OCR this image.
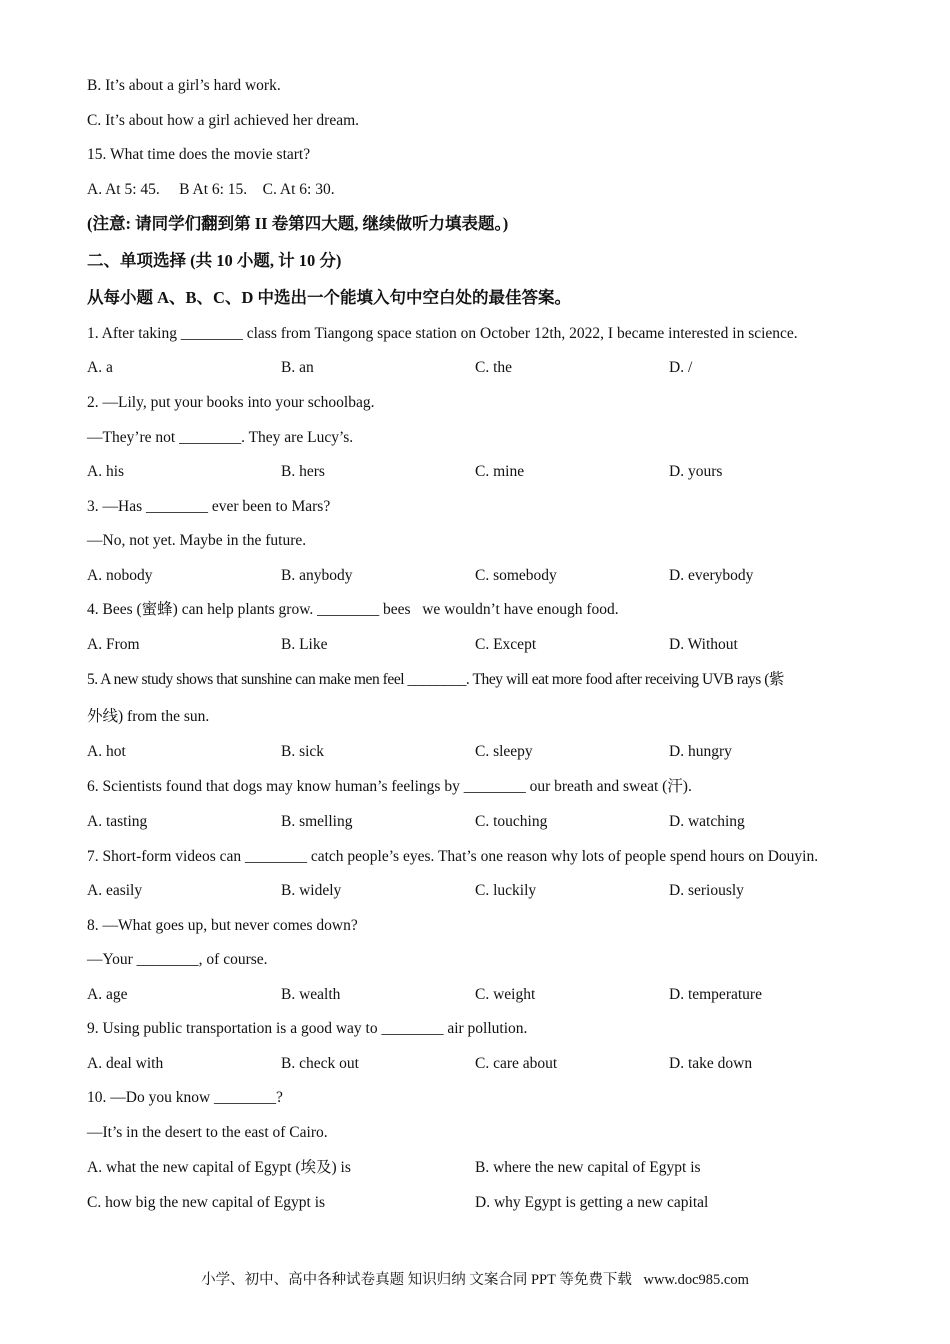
B. It’s about a girl’s hard work.
C. It’s about how a girl achieved her dream.
15. What time does the movie start?
A. At 5: 45.     B At 6: 15.    C. At 6: 30.
(注意: 请同学们翻到第 II 卷第四大题, 继续做听力填表题。)
二、单项选择 (共 10 小题, 计 10 分)
从每小题 A、B、C、D 中选出一个能填入句中空白处的最佳答案。
1. After taking ________ class from Tiangong space station on October 12th, 2022, I became interested in science.
A. a	B. an	C. the	D. /
2. —Lily, put your books into your schoolbag.
—They’re not ________. They are Lucy’s.
A. his	B. hers	C. mine	D. yours
3. —Has ________ ever been to Mars?
—No, not yet. Maybe in the future.
A. nobody	B. anybody	C. somebody	D. everybody
4. Bees (蜜蜂) can help plants grow. ________ bees   we wouldn’t have enough food.
A. From	B. Like	C. Except	D. Without
5. A new study shows that sunshine can make men feel ________. They will eat more food after receiving UVB rays (紫
外线) from the sun.
A. hot	B. sick	C. sleepy	D. hungry
6. Scientists found that dogs may know human’s feelings by ________ our breath and sweat (汗).
A. tasting	B. smelling	C. touching	D. watching
7. Short-form videos can ________ catch people’s eyes. That’s one reason why lots of people spend hours on Douyin.
A. easily	B. widely	C. luckily	D. seriously
8. —What goes up, but never comes down?
—Your ________, of course.
A. age	B. wealth	C. weight	D. temperature
9. Using public transportation is a good way to ________ air pollution.
A. deal with	B. check out	C. care about	D. take down
10. —Do you know ________?
—It’s in the desert to the east of Cairo.
A. what the new capital of Egypt (埃及) is	B. where the new capital of Egypt is
C. how big the new capital of Egypt is	D. why Egypt is getting a new capital
小学、初中、高中各种试卷真题 知识归纳 文案合同 PPT 等免费下载 www.doc985.com
